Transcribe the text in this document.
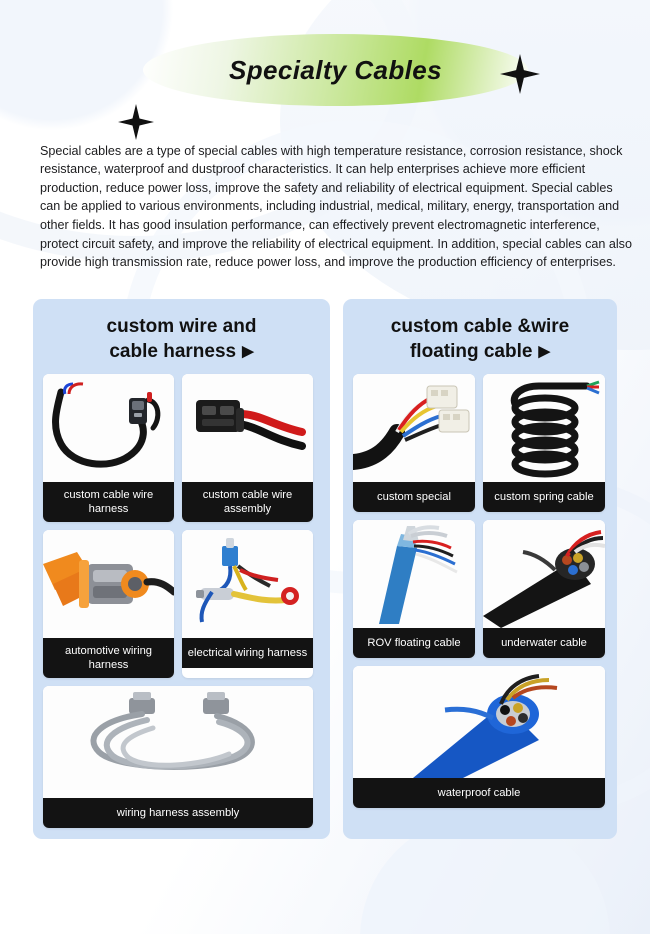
Specialty Cables

Special cables are a type of special cables with high temperature resistance, corrosion resistance, shock resistance, waterproof and dustproof characteristics. It can help enterprises achieve more efficient production, reduce power loss, improve the safety and reliability of electrical equipment. Special cables can be applied to various environments, including industrial, medical, military, energy, transportation and other fields. It has good insulation performance, can effectively prevent electromagnetic interference, protect circuit safety, and improve the reliability of electrical equipment. In addition, special cables can also provide high transmission rate, reduce power loss, and improve the production efficiency of enterprises.

custom wire and
cable harness ▶
custom cable wire harness
custom cable wire assembly
automotive wiring harness
electrical wiring harness
wiring harness assembly
custom cable &wire
floating cable ▶
custom special	custom spring cable
ROV floating cable	underwater cable
waterproof cable
